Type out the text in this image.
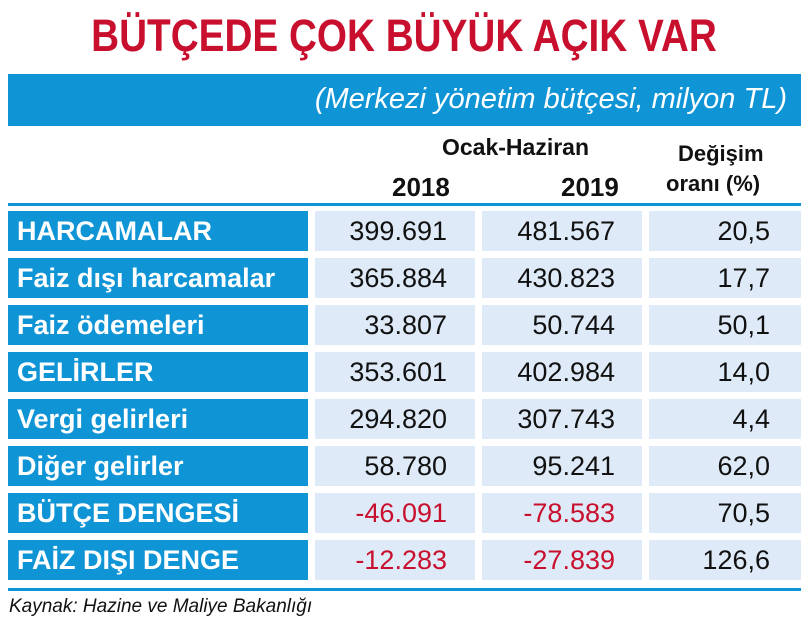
BÜTÇEDE ÇOK BÜYÜK AÇIK VAR
(Merkezi yönetim bütçesi, milyon TL)
Ocak-Haziran
2018	2019
Değişim
oranı (%)
HARCAMALAR	399.691	481.567	20,5
Faiz dışı harcamalar	365.884	430.823	17,7
Faiz ödemeleri	33.807	50.744	50,1
GELİRLER	353.601	402.984	14,0
Vergi gelirleri	294.820	307.743	4,4
Diğer gelirler	58.780	95.241	62,0
BÜTÇE DENGESİ	-46.091	-78.583	70,5
FAİZ DIŞI DENGE	-12.283	-27.839	126,6
Kaynak: Hazine ve Maliye Bakanlığı
